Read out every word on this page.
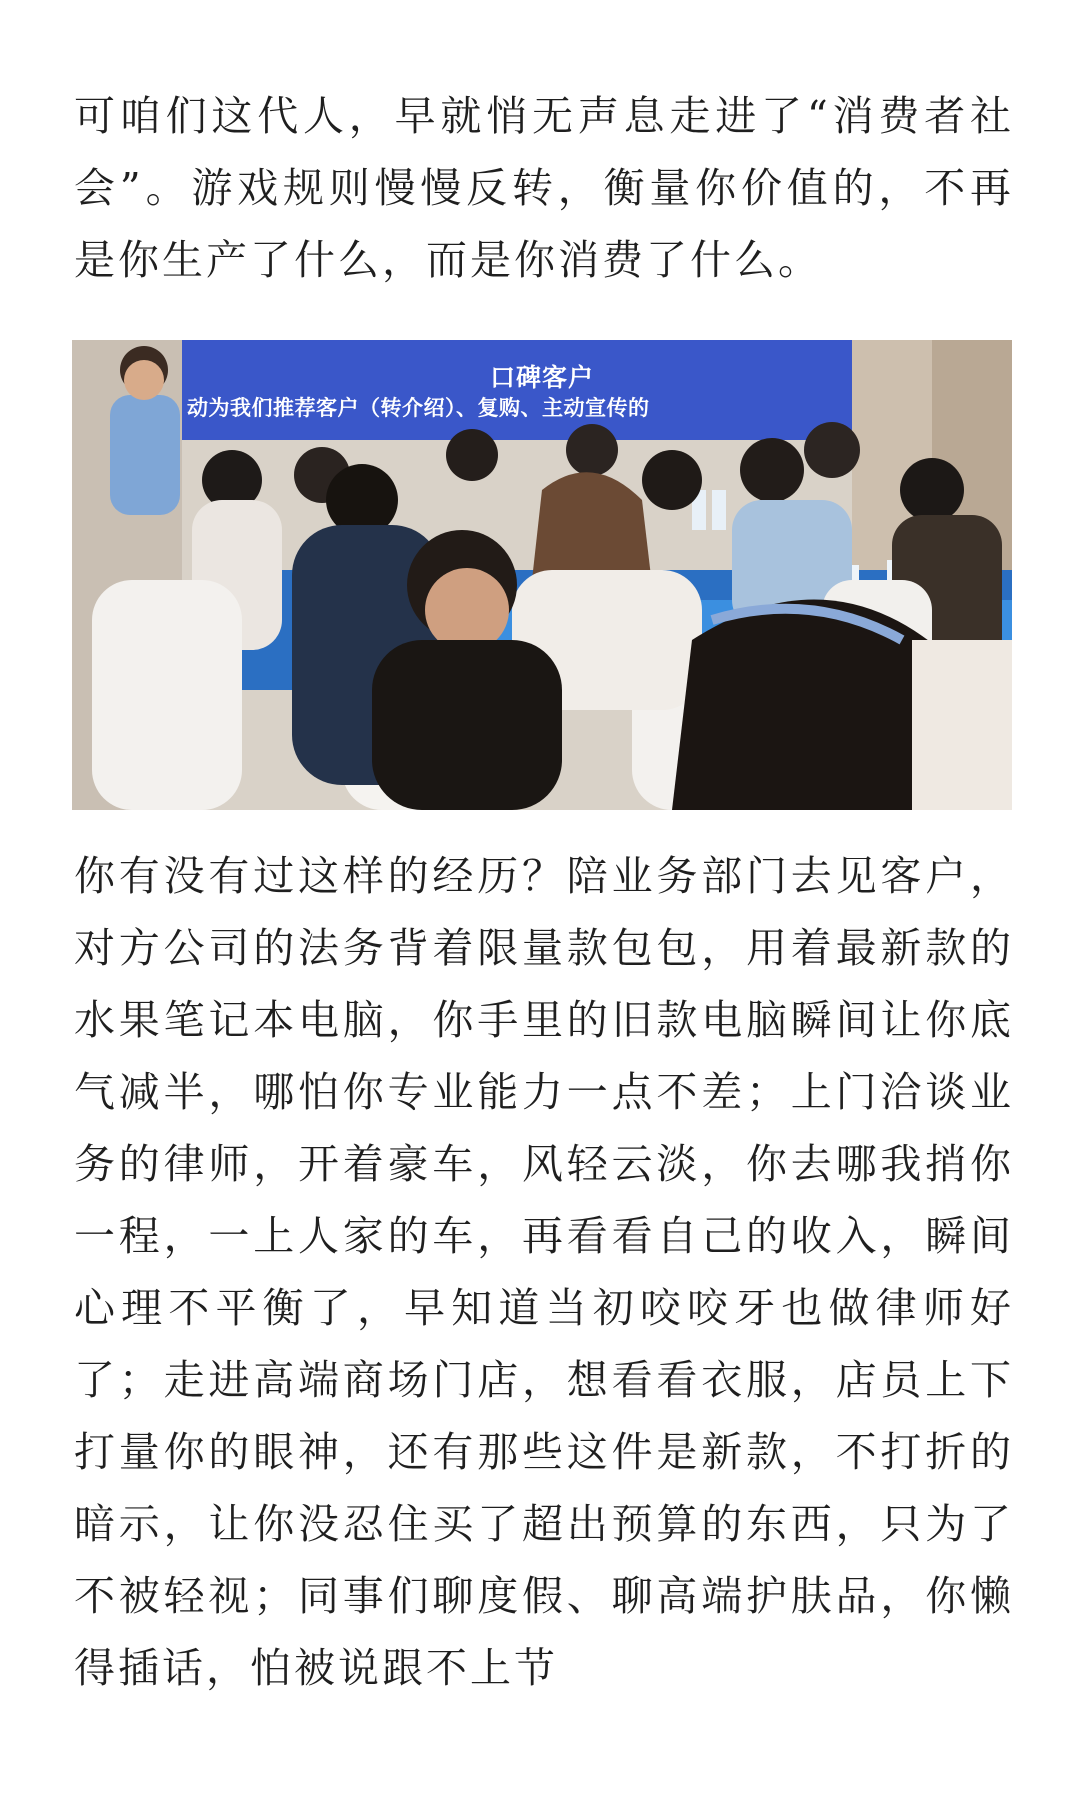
可咱们这代人，早就悄无声息走进了“消费者社会”。游戏规则慢慢反转，衡量你价值的，不再是你生产了什么，而是你消费了什么。

口碑客户
动为我们推荐客户（转介绍）、复购、主动宣传的

你有没有过这样的经历？陪业务部门去见客户，对方公司的法务背着限量款包包，用着最新款的水果笔记本电脑，你手里的旧款电脑瞬间让你底气减半，哪怕你专业能力一点不差；上门洽谈业务的律师，开着豪车，风轻云淡，你去哪我捎你一程，一上人家的车，再看看自己的收入，瞬间心理不平衡了，早知道当初咬咬牙也做律师好了；走进高端商场门店，想看看衣服，店员上下打量你的眼神，还有那些这件是新款，不打折的暗示，让你没忍住买了超出预算的东西，只为了不被轻视；同事们聊度假、聊高端护肤品，你懒得插话，怕被说跟不上节
